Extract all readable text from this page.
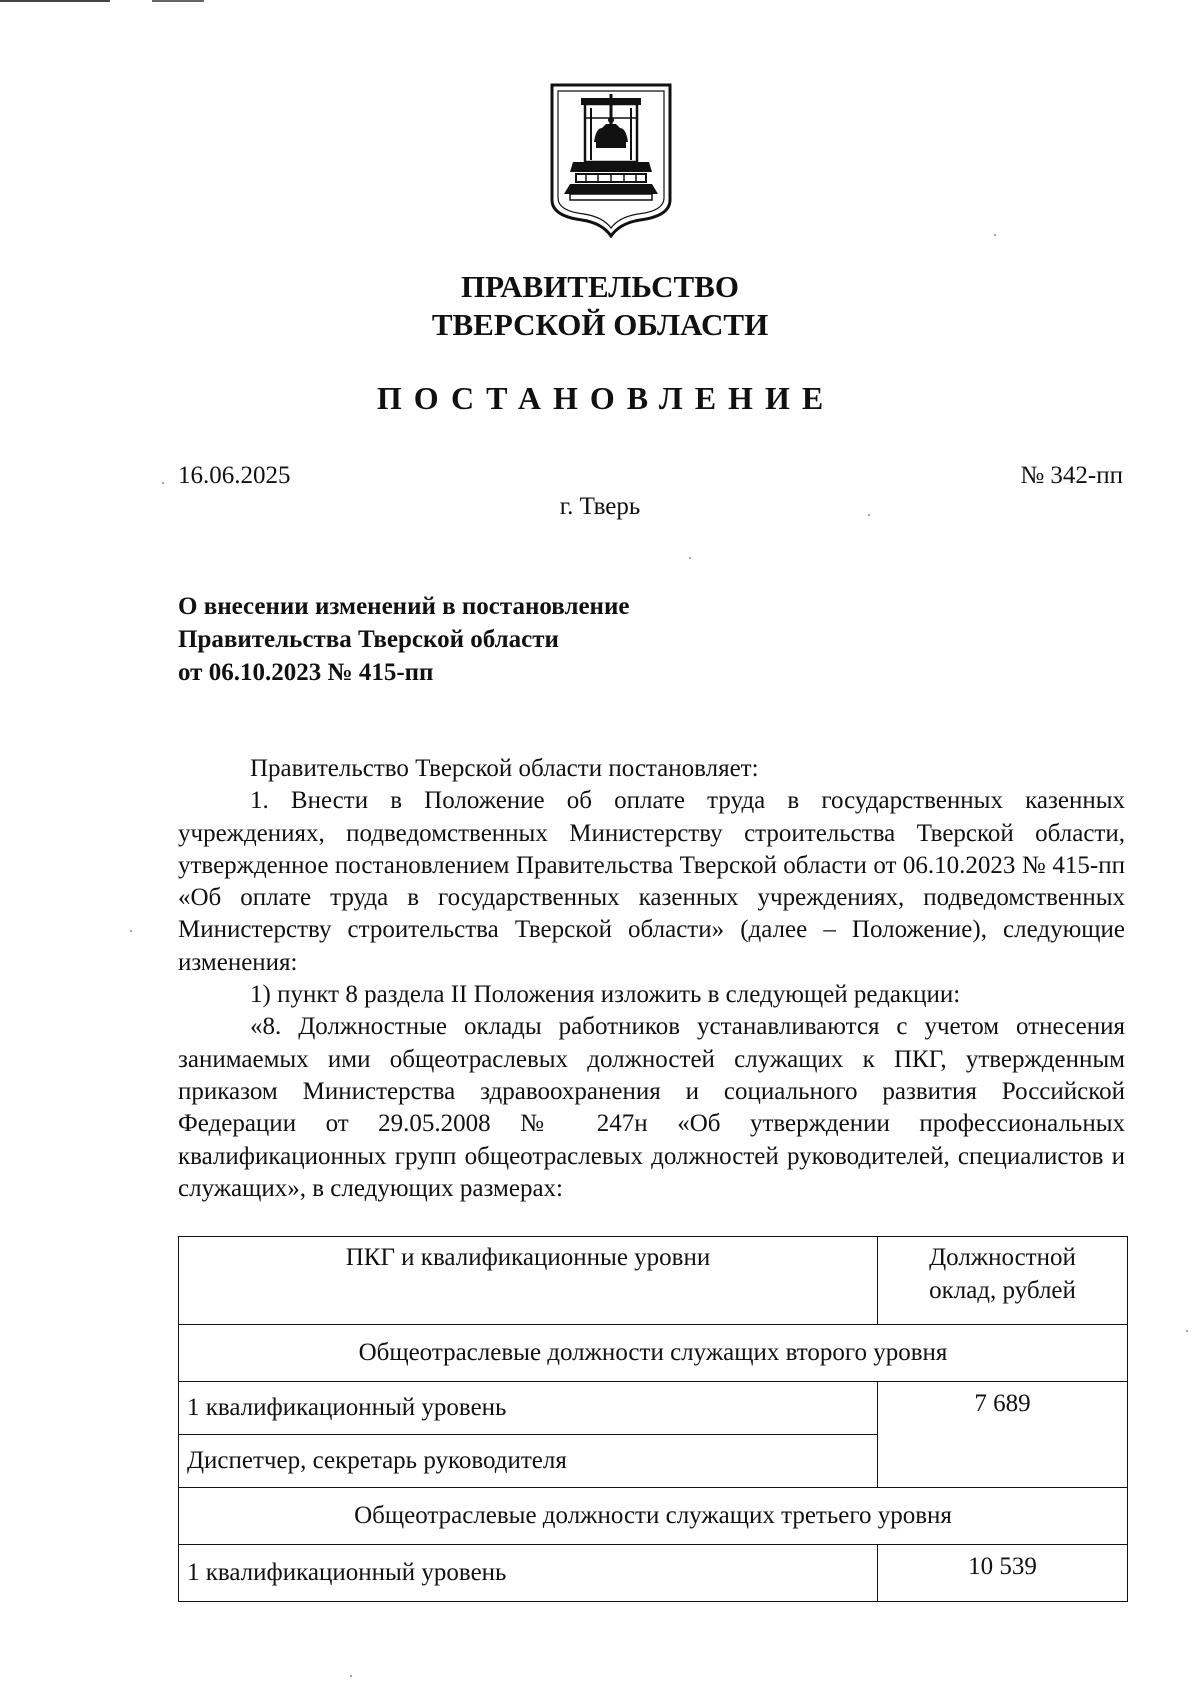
ПРАВИТЕЛЬСТВО
ТВЕРСКОЙ ОБЛАСТИ
ПОСТАНОВЛЕНИЕ
16.06.2025	№ 342-пп
г. Тверь
О внесении изменений в постановление
Правительства Тверской области
от 06.10.2023 № 415-пп

Правительство Тверской области постановляет:

1. Внести в Положение об оплате труда в государственных казенных учреждениях, подведомственных Министерству строительства Тверской области, утвержденное постановлением Правительства Тверской области от 06.10.2023 № 415-пп «Об оплате труда в государственных казенных учреждениях, подведомственных Министерству строительства Тверской области» (далее – Положение), следующие изменения:

1) пункт 8 раздела II Положения изложить в следующей редакции:

«8. Должностные оклады работников устанавливаются с учетом отнесения занимаемых ими общеотраслевых должностей служащих к ПКГ, утвержденным приказом Министерства здравоохранения и социального развития Российской Федерации от 29.05.2008 № 247н «Об утверждении профессиональных квалификационных групп общеотраслевых должностей руководителей, специалистов и служащих», в следующих размерах:

ПКГ и квалификационные уровни	Должностной
оклад, рублей

Общеотраслевые должности служащих второго уровня	
1 квалификационный уровень	7 689
Диспетчер, секретарь руководителя	
Общеотраслевые должности служащих третьего уровня	
1 квалификационный уровень	10 539
